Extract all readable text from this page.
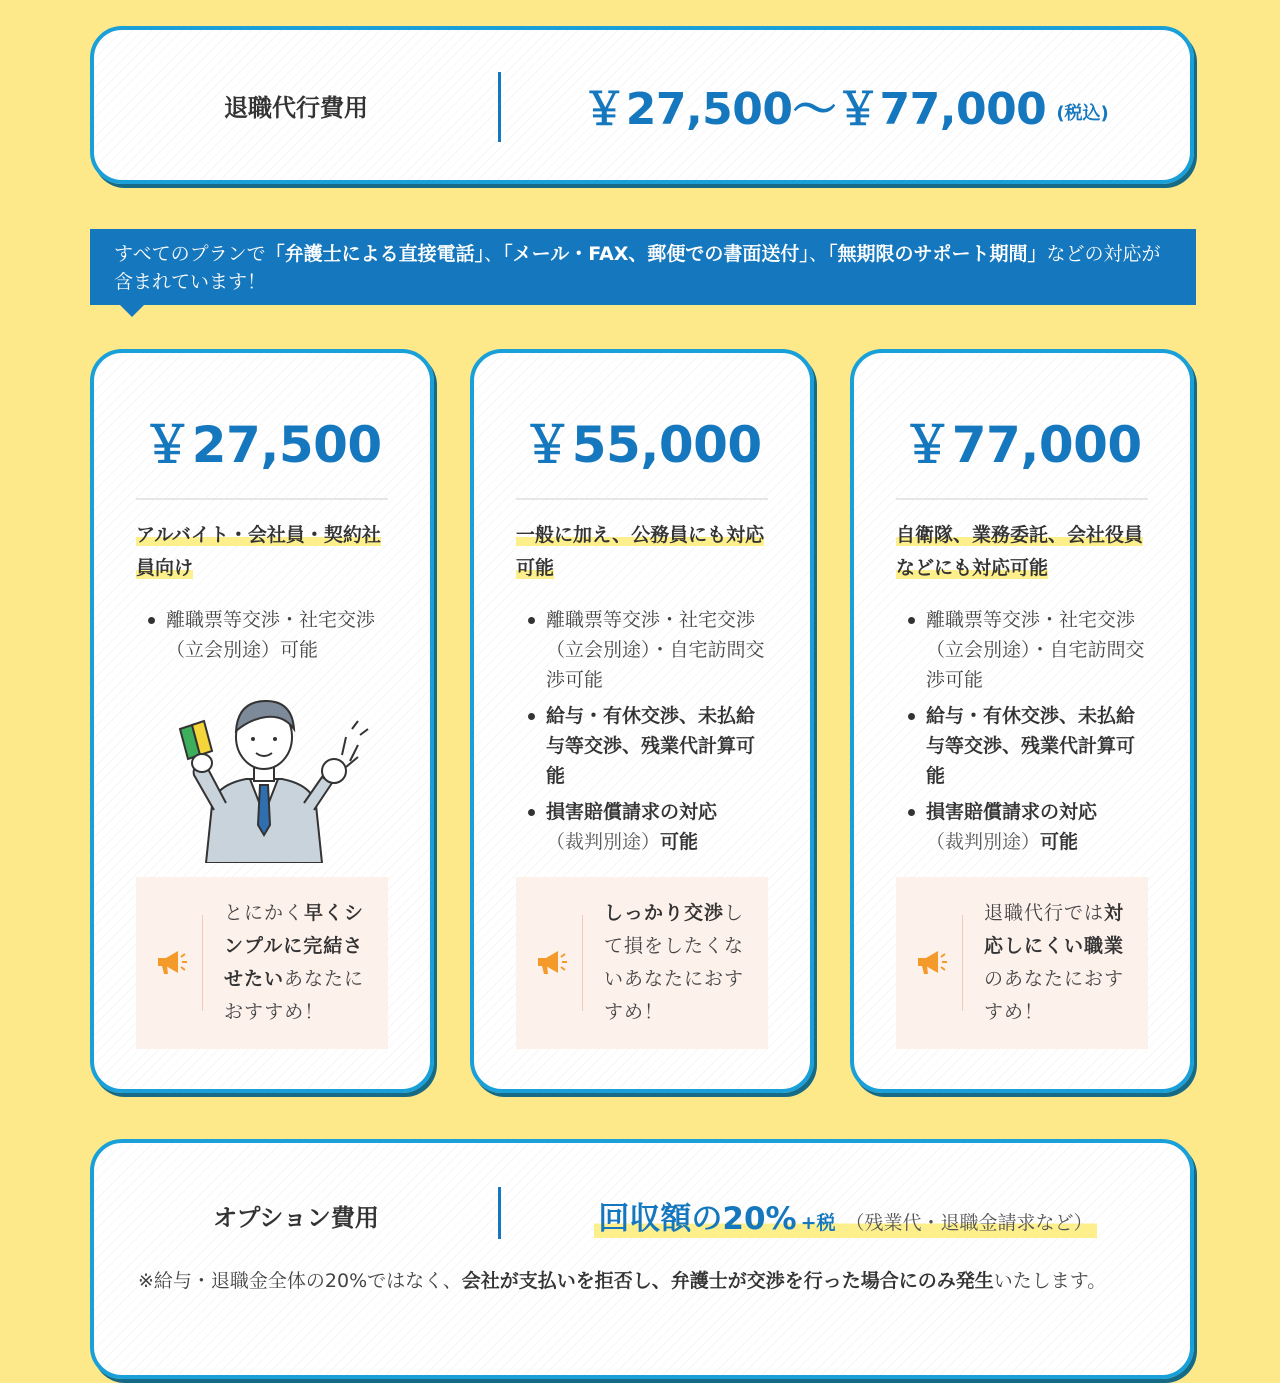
退職代行費用	￥27,500～￥77,000 (税込)
すべてのプランで「弁護士による直接電話」、「メール・FAX、郵便での書面送付」、「無期限のサポート期間」などの対応が含まれています！
￥27,500
アルバイト・会社員・契約社員向け
離職票等交渉・社宅交渉（立会別途）可能
とにかく早くシンプルに完結させたいあなたにおすすめ！
￥55,000
一般に加え、公務員にも対応可能
離職票等交渉・社宅交渉（立会別途）・自宅訪問交渉可能
給与・有休交渉、未払給与等交渉、残業代計算可能
損害賠償請求の対応
（裁判別途）可能
しっかり交渉して損をしたくないあなたにおすすめ！
￥77,000
自衛隊、業務委託、会社役員などにも対応可能
離職票等交渉・社宅交渉（立会別途）・自宅訪問交渉可能
給与・有休交渉、未払給与等交渉、残業代計算可能
損害賠償請求の対応
（裁判別途）可能
退職代行では対応しにくい職業のあなたにおすすめ！
オプション費用	回収額の20% +税 （残業代・退職金請求など）
※給与・退職金全体の20%ではなく、会社が支払いを拒否し、弁護士が交渉を行った場合にのみ発生いたします。
